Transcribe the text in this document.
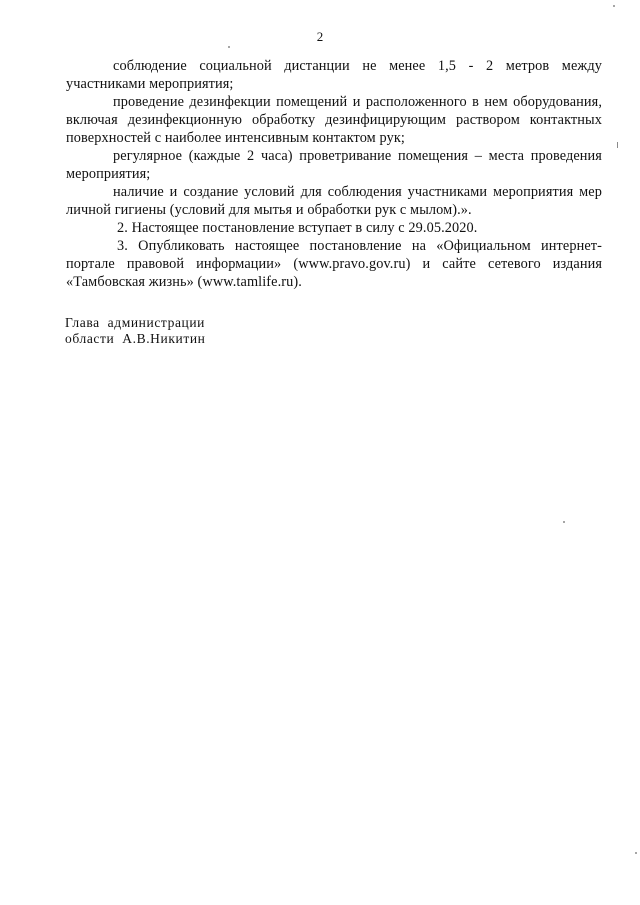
2

соблюдение социальной дистанции не менее 1,5 - 2 метров между участниками мероприятия;

проведение дезинфекции помещений и расположенного в нем оборудования, включая дезинфекционную обработку дезинфицирующим раствором контактных поверхностей с наиболее интенсивным контактом рук;

регулярное (каждые 2 часа) проветривание помещения – места проведения мероприятия;

наличие и создание условий для соблюдения участниками мероприятия мер личной гигиены (условий для мытья и обработки рук с мылом).».

2. Настоящее постановление вступает в силу с 29.05.2020.

3. Опубликовать настоящее постановление на «Официальном интернет-портале правовой информации» (www.pravo.gov.ru) и сайте сетевого издания «Тамбовская жизнь» (www.tamlife.ru).

Глава  администрации
области  А.В.Никитин
